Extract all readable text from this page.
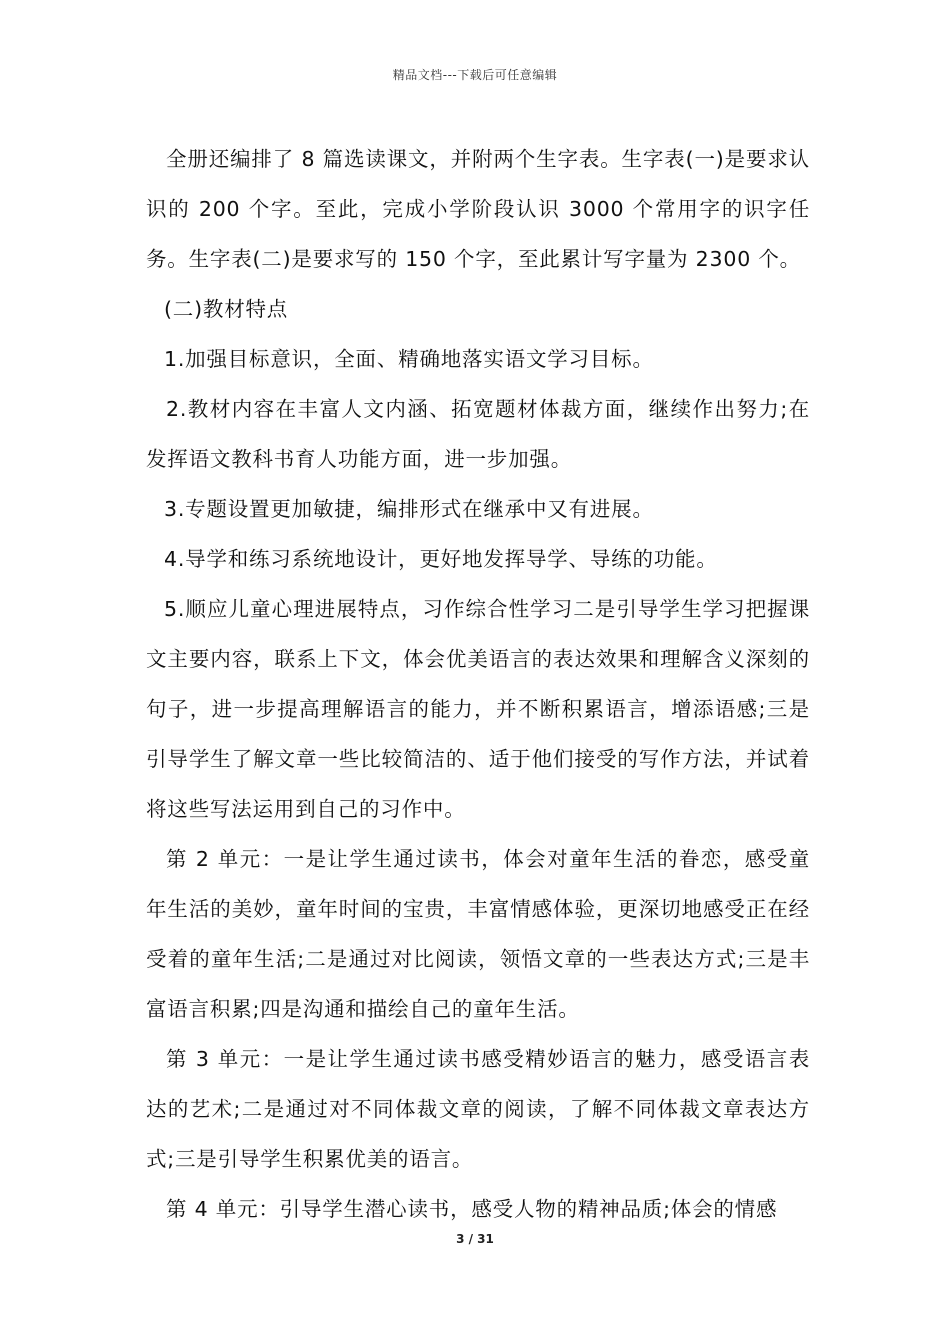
精品文档---下载后可任意编辑

全册还编排了 8 篇选读课文，并附两个生字表。生字表(一)是要求认识的 200 个字。至此，完成小学阶段认识 3000 个常用字的识字任务。生字表(二)是要求写的 150 个字，至此累计写字量为 2300 个。

(二)教材特点

1.加强目标意识，全面、精确地落实语文学习目标。

2.教材内容在丰富人文内涵、拓宽题材体裁方面，继续作出努力;在发挥语文教科书育人功能方面，进一步加强。

3.专题设置更加敏捷，编排形式在继承中又有进展。

4.导学和练习系统地设计，更好地发挥导学、导练的功能。

5.顺应儿童心理进展特点，习作综合性学习二是引导学生学习把握课文主要内容，联系上下文，体会优美语言的表达效果和理解含义深刻的句子，进一步提高理解语言的能力，并不断积累语言，增添语感;三是引导学生了解文章一些比较简洁的、适于他们接受的写作方法，并试着将这些写法运用到自己的习作中。

第 2 单元：一是让学生通过读书，体会对童年生活的眷恋，感受童年生活的美妙，童年时间的宝贵，丰富情感体验，更深切地感受正在经受着的童年生活;二是通过对比阅读，领悟文章的一些表达方式;三是丰富语言积累;四是沟通和描绘自己的童年生活。

第 3 单元：一是让学生通过读书感受精妙语言的魅力，感受语言表达的艺术;二是通过对不同体裁文章的阅读，了解不同体裁文章表达方式;三是引导学生积累优美的语言。

第 4 单元：引导学生潜心读书，感受人物的精神品质;体会的情感

3 / 31
